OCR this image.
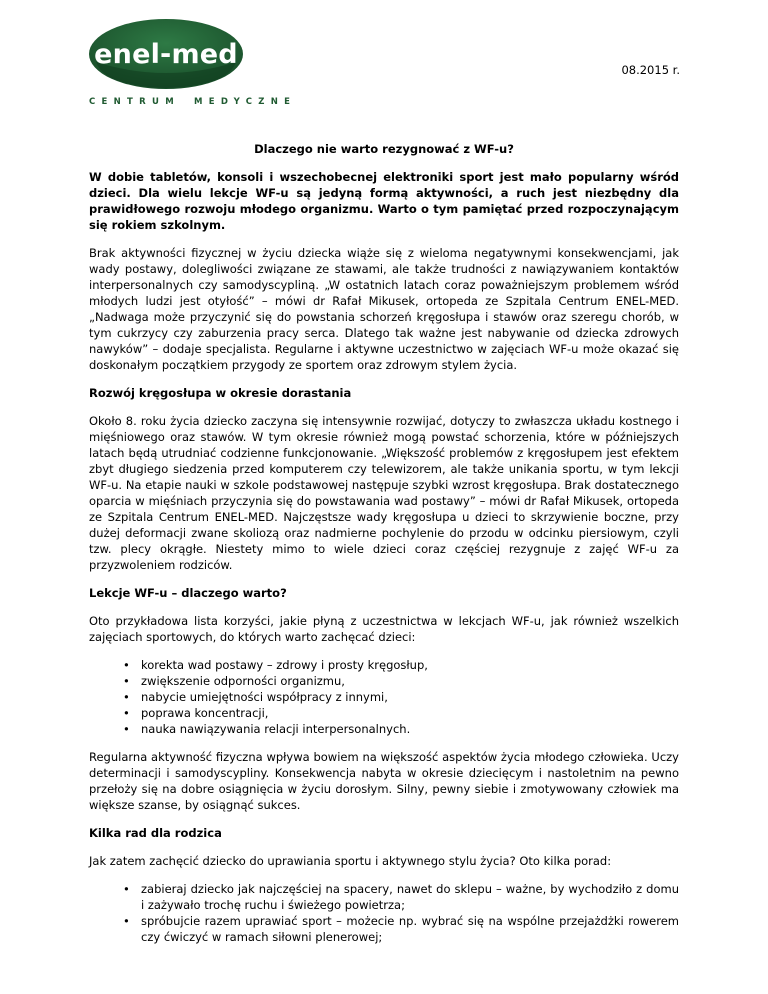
enel-med
CENTRUM MEDYCZNE
08.2015 r.

Dlaczego nie warto rezygnować z WF-u?

W dobie tabletów, konsoli i wszechobecnej elektroniki sport jest mało popularny wśród dzieci. Dla wielu lekcje WF-u są jedyną formą aktywności, a ruch jest niezbędny dla prawidłowego rozwoju młodego organizmu. Warto o tym pamiętać przed rozpoczynającym się rokiem szkolnym.

Brak aktywności fizycznej w życiu dziecka wiąże się z wieloma negatywnymi konsekwencjami, jak wady postawy, dolegliwości związane ze stawami, ale także trudności z nawiązywaniem kontaktów interpersonalnych czy samodyscypliną. „W ostatnich latach coraz poważniejszym problemem wśród młodych ludzi jest otyłość” – mówi dr Rafał Mikusek, ortopeda ze Szpitala Centrum ENEL-MED. „Nadwaga może przyczynić się do powstania schorzeń kręgosłupa i stawów oraz szeregu chorób, w tym cukrzycy czy zaburzenia pracy serca. Dlatego tak ważne jest nabywanie od dziecka zdrowych nawyków” – dodaje specjalista. Regularne i aktywne uczestnictwo w zajęciach WF-u może okazać się doskonałym początkiem przygody ze sportem oraz zdrowym stylem życia.

Rozwój kręgosłupa w okresie dorastania

Około 8. roku życia dziecko zaczyna się intensywnie rozwijać, dotyczy to zwłaszcza układu kostnego i mięśniowego oraz stawów. W tym okresie również mogą powstać schorzenia, które w późniejszych latach będą utrudniać codzienne funkcjonowanie. „Większość problemów z kręgosłupem jest efektem zbyt długiego siedzenia przed komputerem czy telewizorem, ale także unikania sportu, w tym lekcji WF-u. Na etapie nauki w szkole podstawowej następuje szybki wzrost kręgosłupa. Brak dostatecznego oparcia w mięśniach przyczynia się do powstawania wad postawy” – mówi dr Rafał Mikusek, ortopeda ze Szpitala Centrum ENEL-MED. Najczęstsze wady kręgosłupa u dzieci to skrzywienie boczne, przy dużej deformacji zwane skoliozą oraz nadmierne pochylenie do przodu w odcinku piersiowym, czyli tzw. plecy okrągłe. Niestety mimo to wiele dzieci coraz częściej rezygnuje z zajęć WF-u za przyzwoleniem rodziców.

Lekcje WF-u – dlaczego warto?

Oto przykładowa lista korzyści, jakie płyną z uczestnictwa w lekcjach WF-u, jak również wszelkich zajęciach sportowych, do których warto zachęcać dzieci:

• korekta wad postawy – zdrowy i prosty kręgosłup,
• zwiększenie odporności organizmu,
• nabycie umiejętności współpracy z innymi,
• poprawa koncentracji,
• nauka nawiązywania relacji interpersonalnych.

Regularna aktywność fizyczna wpływa bowiem na większość aspektów życia młodego człowieka. Uczy determinacji i samodyscypliny. Konsekwencja nabyta w okresie dziecięcym i nastoletnim na pewno przełoży się na dobre osiągnięcia w życiu dorosłym. Silny, pewny siebie i zmotywowany człowiek ma większe szanse, by osiągnąć sukces.

Kilka rad dla rodzica

Jak zatem zachęcić dziecko do uprawiania sportu i aktywnego stylu życia? Oto kilka porad:

• zabieraj dziecko jak najczęściej na spacery, nawet do sklepu – ważne, by wychodziło z domu i zażywało trochę ruchu i świeżego powietrza;
• spróbujcie razem uprawiać sport – możecie np. wybrać się na wspólne przejażdżki rowerem czy ćwiczyć w ramach siłowni plenerowej;
